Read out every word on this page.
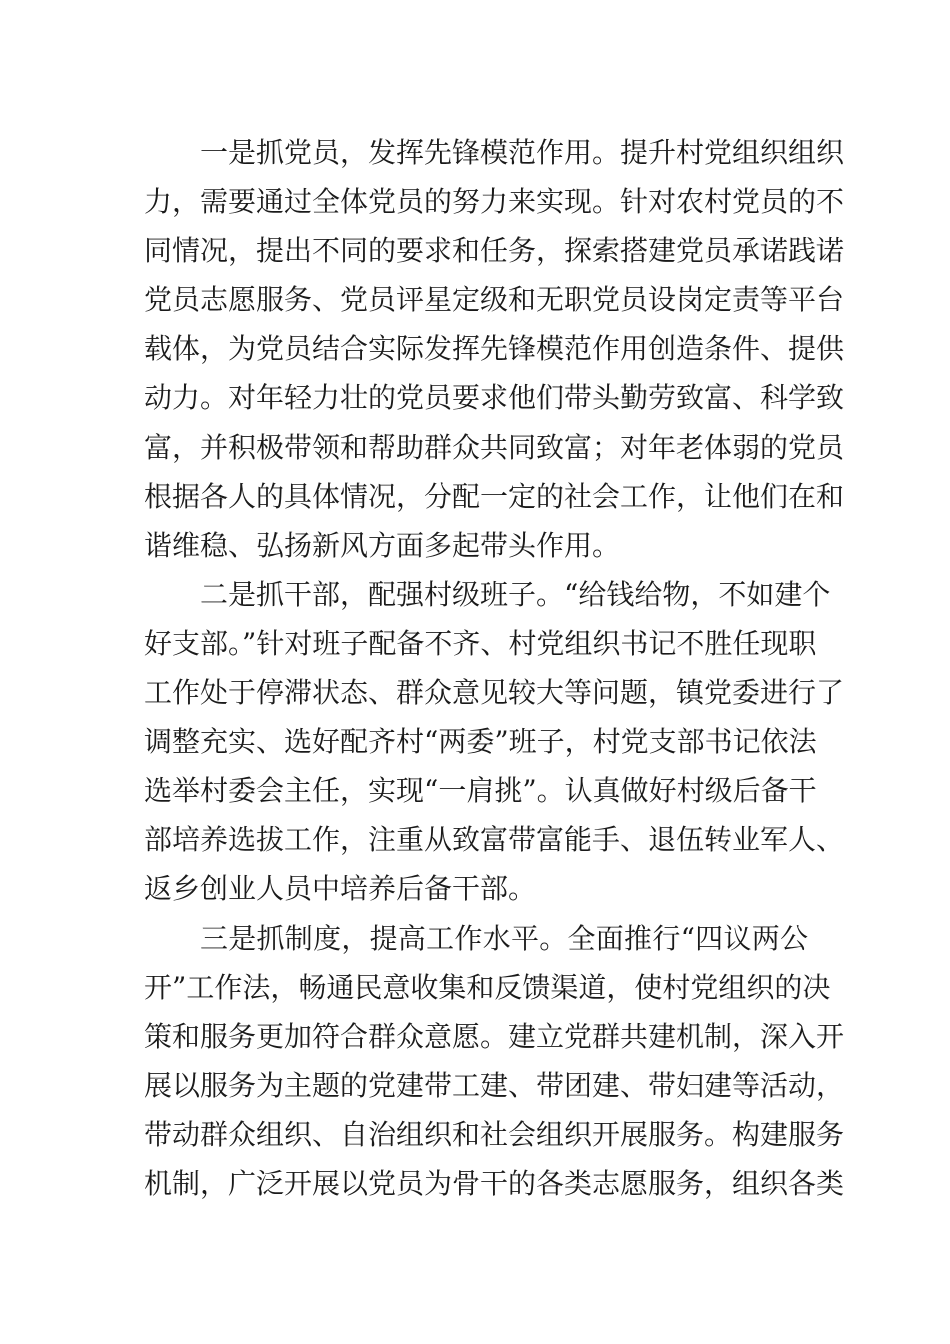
一是抓党员，发挥先锋模范作用。提升村党组织组织
力，需要通过全体党员的努力来实现。针对农村党员的不
同情况，提出不同的要求和任务，探索搭建党员承诺践诺
党员志愿服务、党员评星定级和无职党员设岗定责等平台
载体，为党员结合实际发挥先锋模范作用创造条件、提供
动力。对年轻力壮的党员要求他们带头勤劳致富、科学致
富，并积极带领和帮助群众共同致富；对年老体弱的党员
根据各人的具体情况，分配一定的社会工作，让他们在和
谐维稳、弘扬新风方面多起带头作用。
二是抓干部，配强村级班子。“给钱给物，不如建个
好支部。”针对班子配备不齐、村党组织书记不胜任现职
工作处于停滞状态、群众意见较大等问题，镇党委进行了
调整充实、选好配齐村“两委”班子，村党支部书记依法
选举村委会主任，实现“一肩挑”。认真做好村级后备干
部培养选拔工作，注重从致富带富能手、退伍转业军人、
返乡创业人员中培养后备干部。
三是抓制度，提高工作水平。全面推行“四议两公
开”工作法，畅通民意收集和反馈渠道，使村党组织的决
策和服务更加符合群众意愿。建立党群共建机制，深入开
展以服务为主题的党建带工建、带团建、带妇建等活动，
带动群众组织、自治组织和社会组织开展服务。构建服务
机制，广泛开展以党员为骨干的各类志愿服务，组织各类
